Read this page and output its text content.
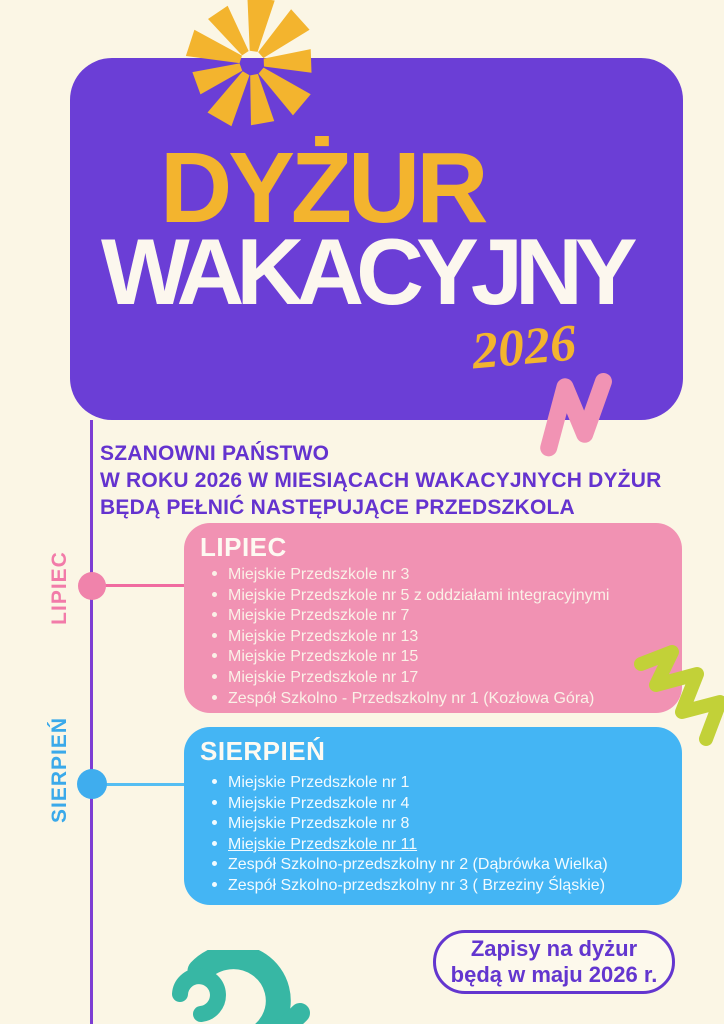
DYŻUR
WAKACYJNY
2026
SZANOWNI PAŃSTWO
W ROKU 2026 W MIESIĄCACH WAKACYJNYCH DYŻUR
BĘDĄ PEŁNIĆ NASTĘPUJĄCE PRZEDSZKOLA
LIPIEC
SIERPIEŃ
LIPIEC
Miejskie Przedszkole nr 3
Miejskie Przedszkole nr 5 z oddziałami integracyjnymi
Miejskie Przedszkole nr 7
Miejskie Przedszkole nr 13
Miejskie Przedszkole nr 15
Miejskie Przedszkole nr 17
Zespół Szkolno - Przedszkolny nr 1 (Kozłowa Góra)
SIERPIEŃ
Miejskie Przedszkole nr 1
Miejskie Przedszkole nr 4
Miejskie Przedszkole nr 8
Miejskie Przedszkole nr 11
Zespół Szkolno-przedszkolny nr 2 (Dąbrówka Wielka)
Zespół Szkolno-przedszkolny nr 3 ( Brzeziny Śląskie)
Zapisy na dyżur
będą w maju 2026 r.
